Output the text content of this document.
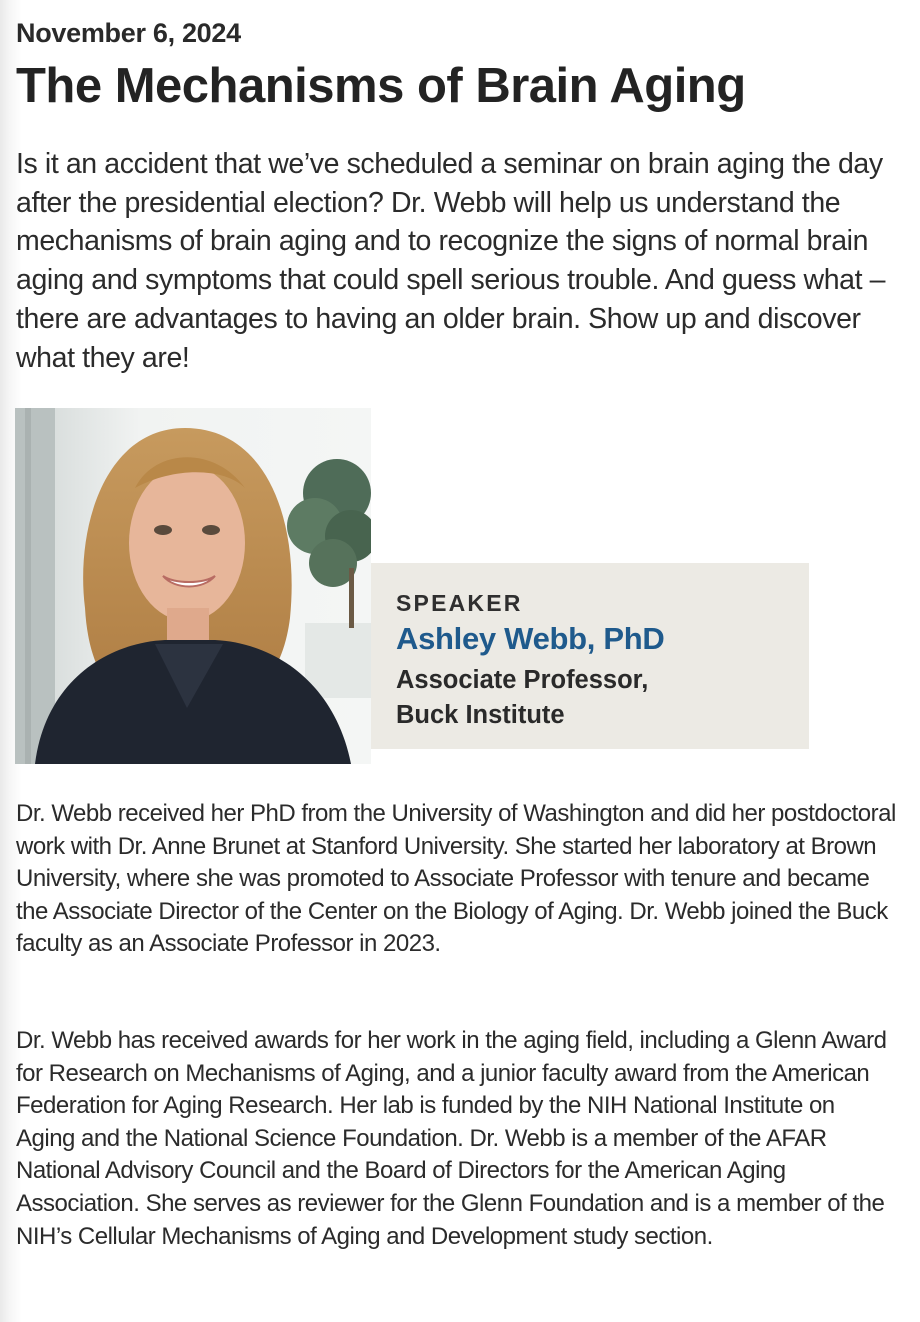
November 6, 2024
The Mechanisms of Brain Aging

Is it an accident that we’ve scheduled a seminar on brain aging the day after the presidential election? Dr. Webb will help us understand the mechanisms of brain aging and to recognize the signs of normal brain aging and symptoms that could spell serious trouble. And guess what – there are advantages to having an older brain. Show up and discover what they are!

SPEAKER
Ashley Webb, PhD
Associate Professor,
Buck Institute

Dr. Webb received her PhD from the University of Washington and did her postdoctoral work with Dr. Anne Brunet at Stanford University. She started her laboratory at Brown University, where she was promoted to Associate Professor with tenure and became the Associate Director of the Center on the Biology of Aging. Dr. Webb joined the Buck faculty as an Associate Professor in 2023.

Dr. Webb has received awards for her work in the aging field, including a Glenn Award for Research on Mechanisms of Aging, and a junior faculty award from the American Federation for Aging Research. Her lab is funded by the NIH National Institute on Aging and the National Science Foundation. Dr. Webb is a member of the AFAR National Advisory Council and the Board of Directors for the American Aging Association. She serves as reviewer for the Glenn Foundation and is a member of the NIH’s Cellular Mechanisms of Aging and Development study section.
